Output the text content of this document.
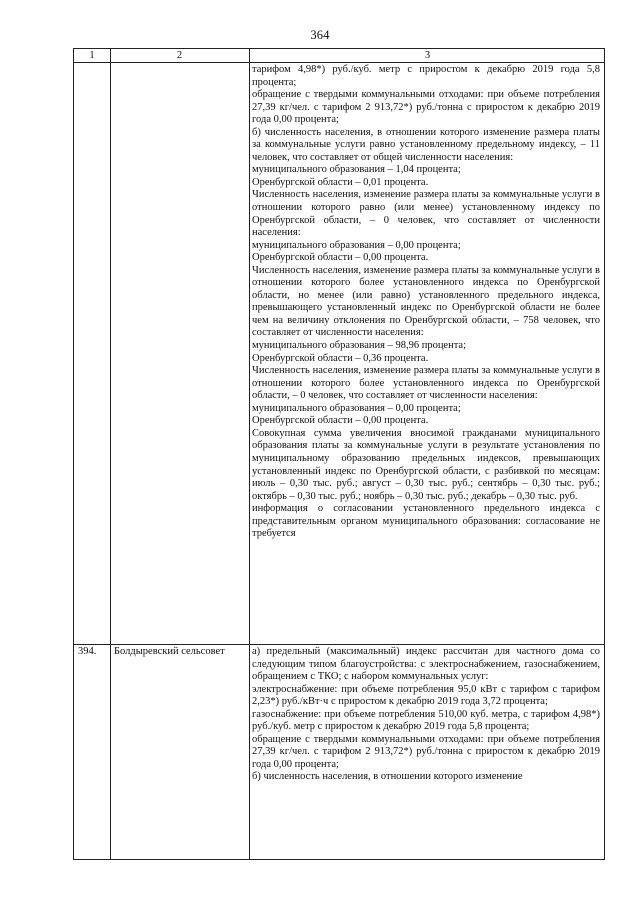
364
1	2	3

тарифом 4,98*) руб./куб. метр с приростом к декабрю 2019 года 5,8 процента;

обращение с твердыми коммунальными отходами: при объеме потребления 27,39 кг/чел. с тарифом 2 913,72*) руб./тонна с приростом к декабрю 2019 года 0,00 процента;

б) численность населения, в отношении которого изменение размера платы за коммунальные услуги равно установленному предельному индексу, – 11 человек, что составляет от общей численности населения:

муниципального образования – 1,04 процента;

Оренбургской области – 0,01 процента.

Численность населения, изменение размера платы за коммунальные услуги в отношении которого равно (или менее) установленному индексу по Оренбургской области, – 0 человек, что составляет от численности населения:

муниципального образования – 0,00 процента;

Оренбургской области – 0,00 процента.

Численность населения, изменение размера платы за коммунальные услуги в отношении которого более установленного индекса по Оренбургской области, но менее (или равно) установленного предельного индекса, превышающего установленный индекс по Оренбургской области не более чем на величину отклонения по Оренбургской области, – 758 человек, что составляет от численности населения:

муниципального образования – 98,96 процента;

Оренбургской области – 0,36 процента.

Численность населения, изменение размера платы за коммунальные услуги в отношении которого более установленного индекса по Оренбургской области, – 0 человек, что составляет от численности населения:

муниципального образования – 0,00 процента;

Оренбургской области – 0,00 процента.

Совокупная сумма увеличения вносимой гражданами муниципального образования платы за коммунальные услуги в результате установления по муниципальному образованию предельных индексов, превышающих установленный индекс по Оренбургской области, с разбивкой по месяцам: июль – 0,30 тыс. руб.; август – 0,30 тыс. руб.; сентябрь – 0,30 тыс. руб.; октябрь – 0,30 тыс. руб.; ноябрь – 0,30 тыс. руб.; декабрь – 0,30 тыс. руб.

информация о согласовании установленного предельного индекса с представительным органом муниципального образования: согласование не требуется

394. Болдыревский сельсовет	а) предельный (максимальный) индекс рассчитан для частного дома со следующим типом благоустройства: с электроснабжением, газоснабжением, обращением с ТКО; с набором коммунальных услуг:

электроснабжение: при объеме потребления 95,0 кВт с тарифом с тарифом 2,23*) руб./кВт·ч с приростом к декабрю 2019 года 3,72 процента;

газоснабжение: при объеме потребления 510,00 куб. метра, с тарифом 4,98*) руб./куб. метр с приростом к декабрю 2019 года 5,8 процента;

обращение с твердыми коммунальными отходами: при объеме потребления 27,39 кг/чел. с тарифом 2 913,72*) руб./тонна с приростом к декабрю 2019 года 0,00 процента;

б) численность населения, в отношении которого изменение
